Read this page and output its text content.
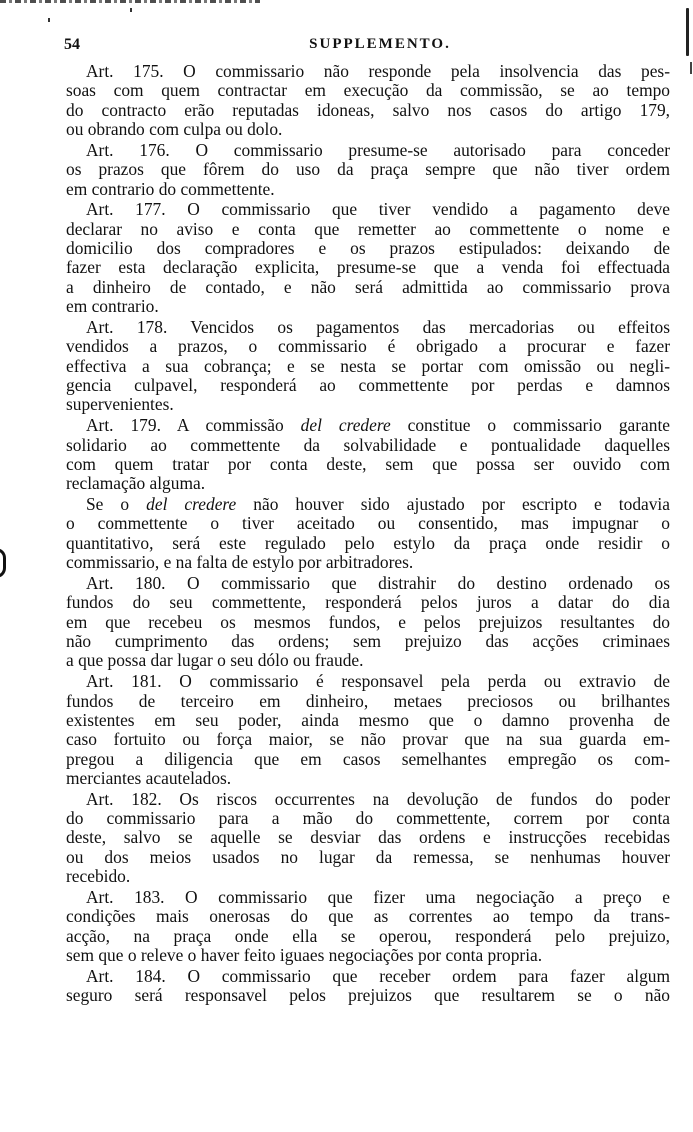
54	SUPPLEMENTO.
Art. 175. O commissario não responde pela insolvencia das pes-
soas com quem contractar em execução da commissão, se ao tempo
do contracto erão reputadas idoneas, salvo nos casos do artigo 179,
ou obrando com culpa ou dolo.
Art. 176. O commissario presume-se autorisado para conceder
os prazos que fôrem do uso da praça sempre que não tiver ordem
em contrario do commettente.
Art. 177. O commissario que tiver vendido a pagamento deve
declarar no aviso e conta que remetter ao commettente o nome e
domicilio dos compradores e os prazos estipulados: deixando de
fazer esta declaração explicita, presume-se que a venda foi effectuada
a dinheiro de contado, e não será admittida ao commissario prova
em contrario.
Art. 178. Vencidos os pagamentos das mercadorias ou effeitos
vendidos a prazos, o commissario é obrigado a procurar e fazer
effectiva a sua cobrança; e se nesta se portar com omissão ou negli-
gencia culpavel, responderá ao commettente por perdas e damnos
supervenientes.
Art. 179. A commissão del credere constitue o commissario garante
solidario ao commettente da solvabilidade e pontualidade daquelles
com quem tratar por conta deste, sem que possa ser ouvido com
reclamação alguma.
Se o del credere não houver sido ajustado por escripto e todavia
o commettente o tiver aceitado ou consentido, mas impugnar o
quantitativo, será este regulado pelo estylo da praça onde residir o
commissario, e na falta de estylo por arbitradores.
Art. 180. O commissario que distrahir do destino ordenado os
fundos do seu commettente, responderá pelos juros a datar do dia
em que recebeu os mesmos fundos, e pelos prejuizos resultantes do
não cumprimento das ordens; sem prejuizo das acções criminaes
a que possa dar lugar o seu dólo ou fraude.
Art. 181. O commissario é responsavel pela perda ou extravio de
fundos de terceiro em dinheiro, metaes preciosos ou brilhantes
existentes em seu poder, ainda mesmo que o damno provenha de
caso fortuito ou força maior, se não provar que na sua guarda em-
pregou a diligencia que em casos semelhantes empregão os com-
merciantes acautelados.
Art. 182. Os riscos occurrentes na devolução de fundos do poder
do commissario para a mão do commettente, correm por conta
deste, salvo se aquelle se desviar das ordens e instrucções recebidas
ou dos meios usados no lugar da remessa, se nenhumas houver
recebido.
Art. 183. O commissario que fizer uma negociação a preço e
condições mais onerosas do que as correntes ao tempo da trans-
acção, na praça onde ella se operou, responderá pelo prejuizo,
sem que o releve o haver feito iguaes negociações por conta propria.
Art. 184. O commissario que receber ordem para fazer algum
seguro será responsavel pelos prejuizos que resultarem se o não
